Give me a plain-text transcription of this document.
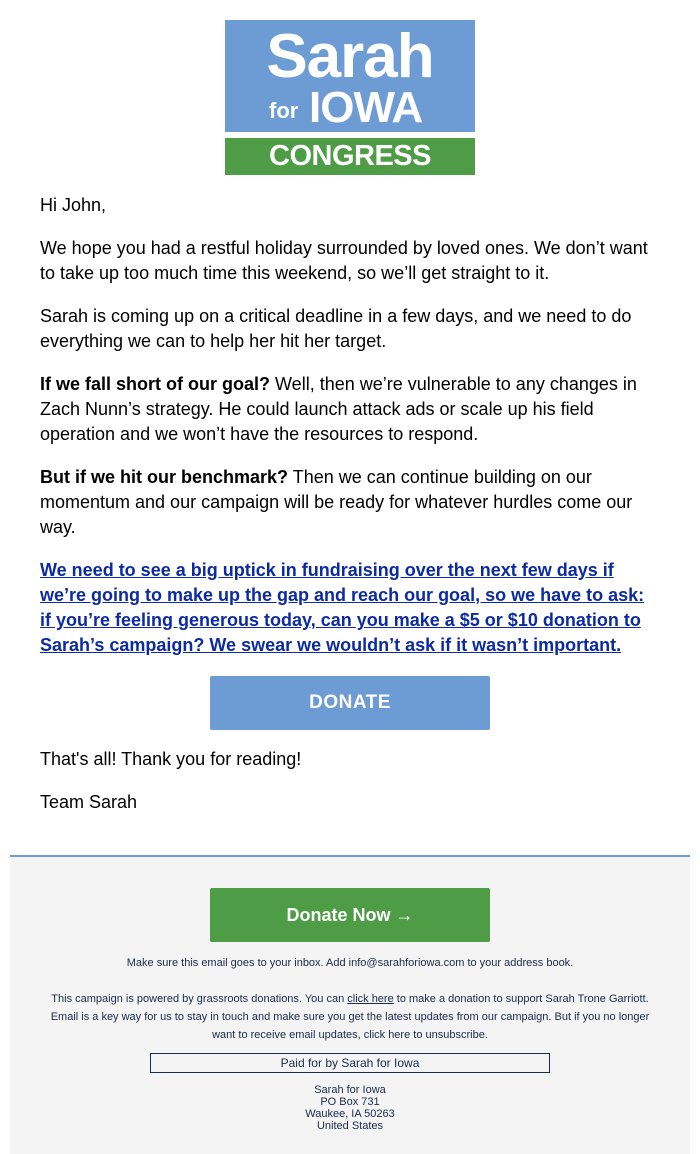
Sarah
for IOWA
CONGRESS

Hi John,

We hope you had a restful holiday surrounded by loved ones. We don’t want to take up too much time this weekend, so we’ll get straight to it.

Sarah is coming up on a critical deadline in a few days, and we need to do everything we can to help her hit her target.

If we fall short of our goal? Well, then we’re vulnerable to any changes in Zach Nunn’s strategy. He could launch attack ads or scale up his field operation and we won’t have the resources to respond.

But if we hit our benchmark? Then we can continue building on our momentum and our campaign will be ready for whatever hurdles come our way.

We need to see a big uptick in fundraising over the next few days if we’re going to make up the gap and reach our goal, so we have to ask: if you’re feeling generous today, can you make a $5 or $10 donation to Sarah’s campaign? We swear we wouldn’t ask if it wasn’t important.

DONATE

That's all! Thank you for reading!

Team Sarah

Donate Now →
Make sure this email goes to your inbox. Add info@sarahforiowa.com to your address book.
This campaign is powered by grassroots donations. You can click here to make a donation to support Sarah Trone Garriott.
Email is a key way for us to stay in touch and make sure you get the latest updates from our campaign. But if you no longer
want to receive email updates, click here to unsubscribe.
Paid for by Sarah for Iowa
Sarah for Iowa
PO Box 731
Waukee, IA 50263
United States
